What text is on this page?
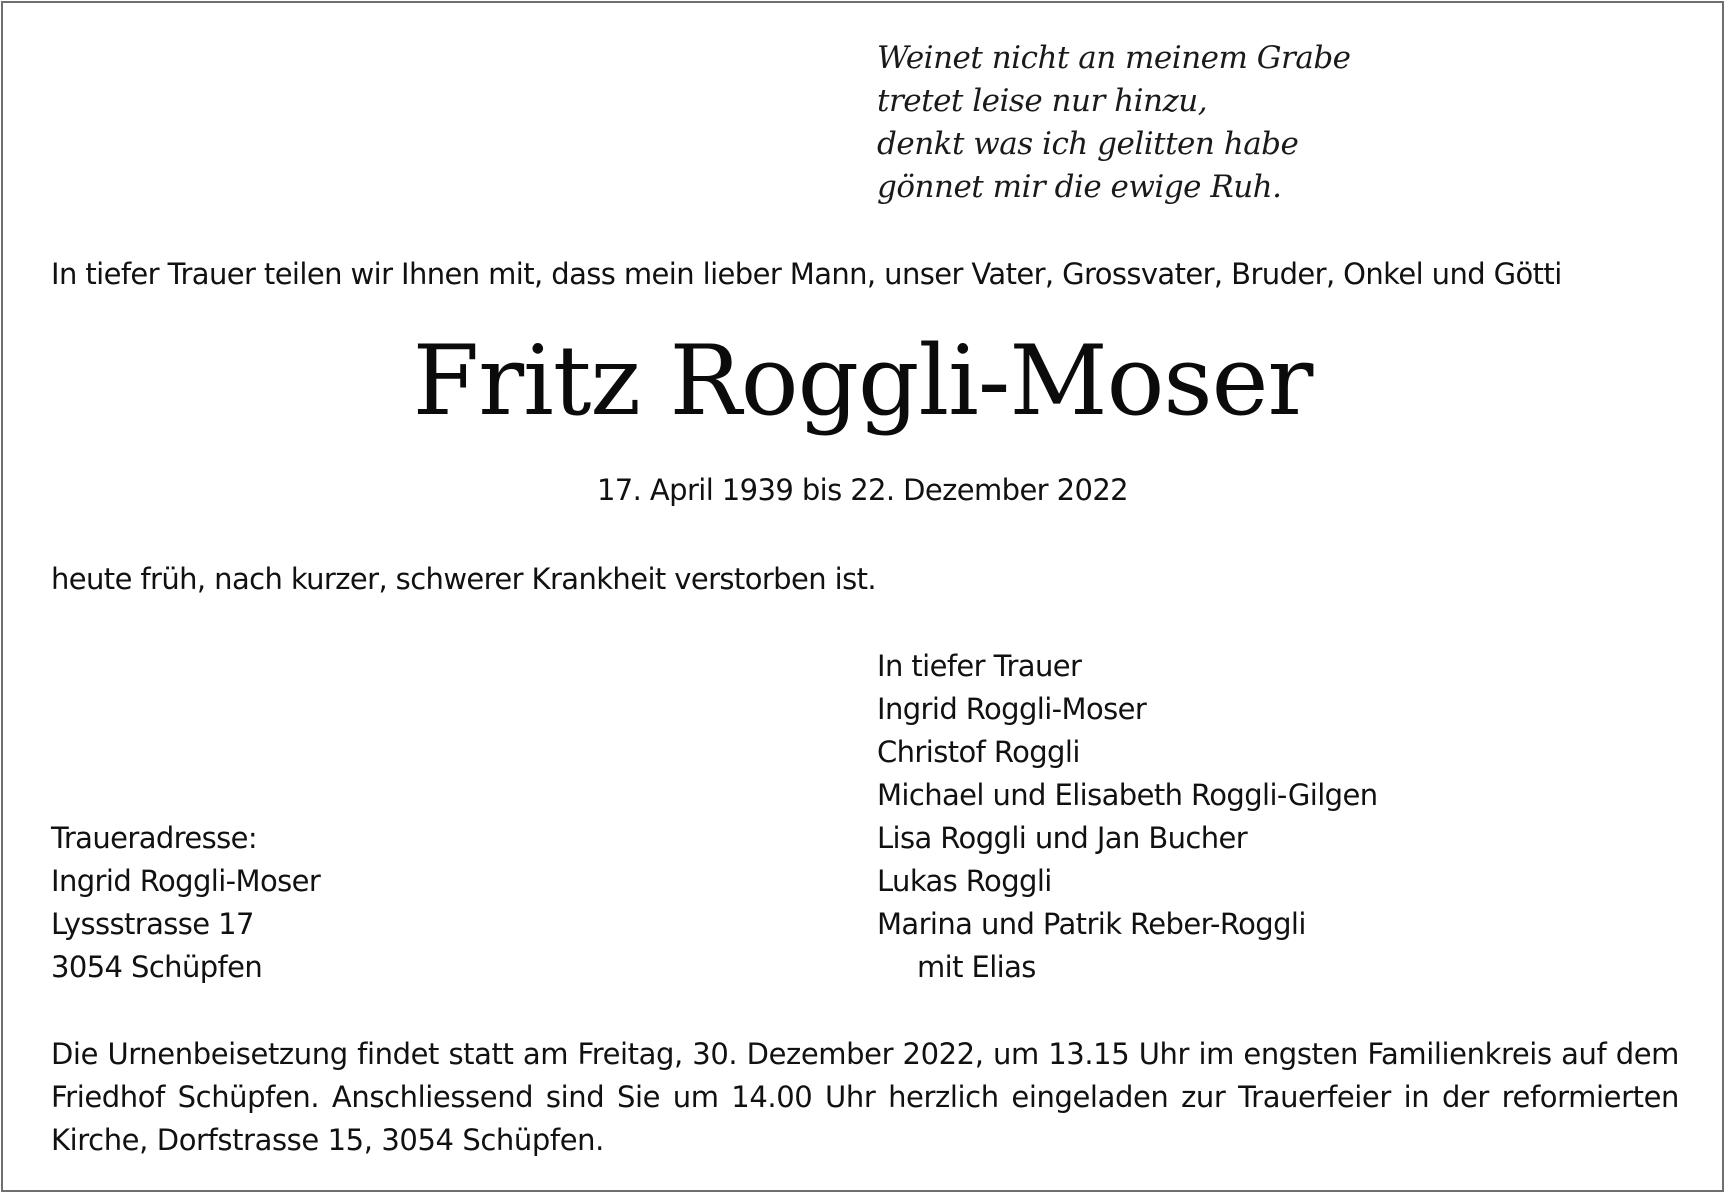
Weinet nicht an meinem Grabe
tretet leise nur hinzu,
denkt was ich gelitten habe
gönnet mir die ewige Ruh.
In tiefer Trauer teilen wir Ihnen mit, dass mein lieber Mann, unser Vater, Grossvater, Bruder, Onkel und Götti
Fritz Roggli-Moser
17. April 1939 bis 22. Dezember 2022
heute früh, nach kurzer, schwerer Krankheit verstorben ist.
In tiefer Trauer
Ingrid Roggli-Moser
Christof Roggli
Michael und Elisabeth Roggli-Gilgen
Lisa Roggli und Jan Bucher
Lukas Roggli
Marina und Patrik Reber-Roggli
mit Elias
Traueradresse:
Ingrid Roggli-Moser
Lyssstrasse 17
3054 Schüpfen
Die Urnenbeisetzung findet statt am Freitag, 30. Dezember 2022, um 13.15 Uhr im engsten Familienkreis auf dem Friedhof Schüpfen. Anschliessend sind Sie um 14.00 Uhr herzlich eingeladen zur Trauerfeier in der reformierten Kirche, Dorfstrasse 15, 3054 Schüpfen.
